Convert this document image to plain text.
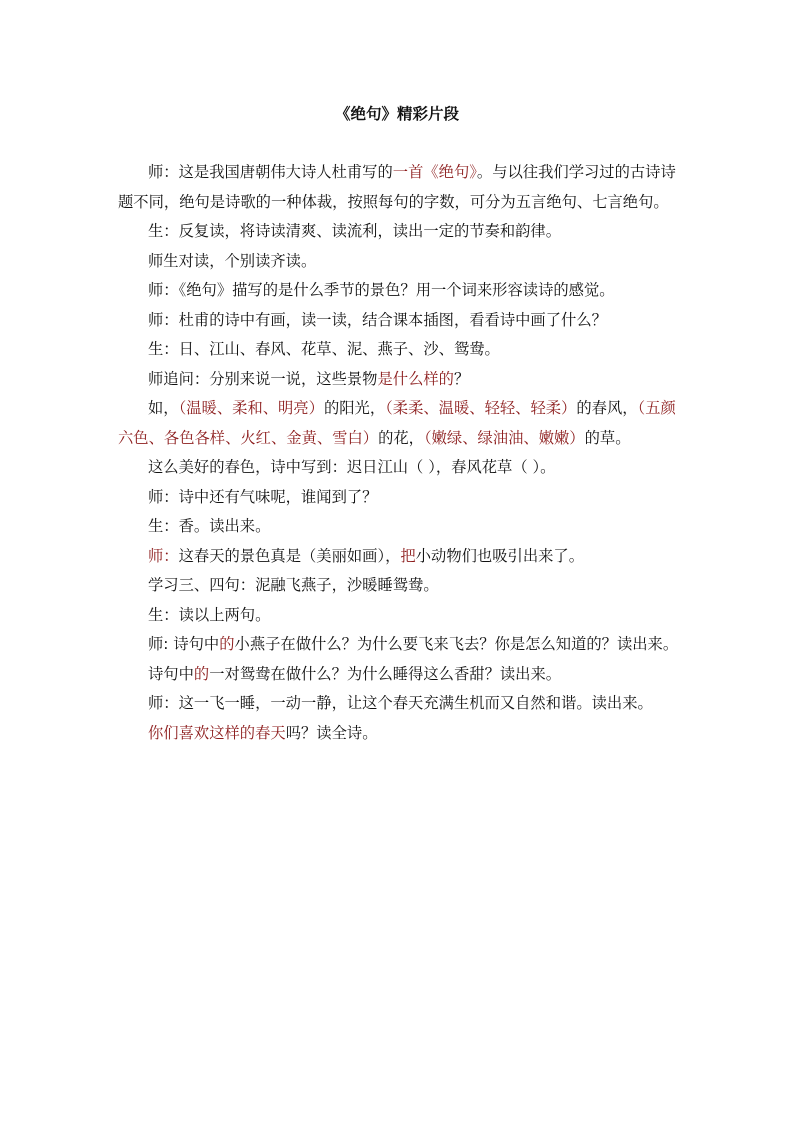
《绝句》精彩片段

师：这是我国唐朝伟大诗人杜甫写的一首《绝句》。与以往我们学习过的古诗诗题不同，绝句是诗歌的一种体裁，按照每句的字数，可分为五言绝句、七言绝句。

生：反复读，将诗读清爽、读流利，读出一定的节奏和韵律。

师生对读，个别读齐读。

师：《绝句》描写的是什么季节的景色？用一个词来形容读诗的感觉。

师：杜甫的诗中有画，读一读，结合课本插图，看看诗中画了什么？

生：日、江山、春风、花草、泥、燕子、沙、鸳鸯。

师追问：分别来说一说，这些景物是什么样的？

如，（温暖、柔和、明亮）的阳光，（柔柔、温暖、轻轻、轻柔）的春风，（五颜六色、各色各样、火红、金黄、雪白）的花，（嫩绿、绿油油、嫩嫩）的草。

这么美好的春色，诗中写到：迟日江山（ ），春风花草（ ）。

师：诗中还有气味呢，谁闻到了？

生：香。读出来。

师：这春天的景色真是（美丽如画），把小动物们也吸引出来了。

学习三、四句：泥融飞燕子，沙暖睡鸳鸯。

生：读以上两句。

师: 诗句中的小燕子在做什么？为什么要飞来飞去？你是怎么知道的？读出来。

诗句中的一对鸳鸯在做什么？为什么睡得这么香甜？读出来。

师：这一飞一睡，一动一静，让这个春天充满生机而又自然和谐。读出来。

你们喜欢这样的春天吗？读全诗。
